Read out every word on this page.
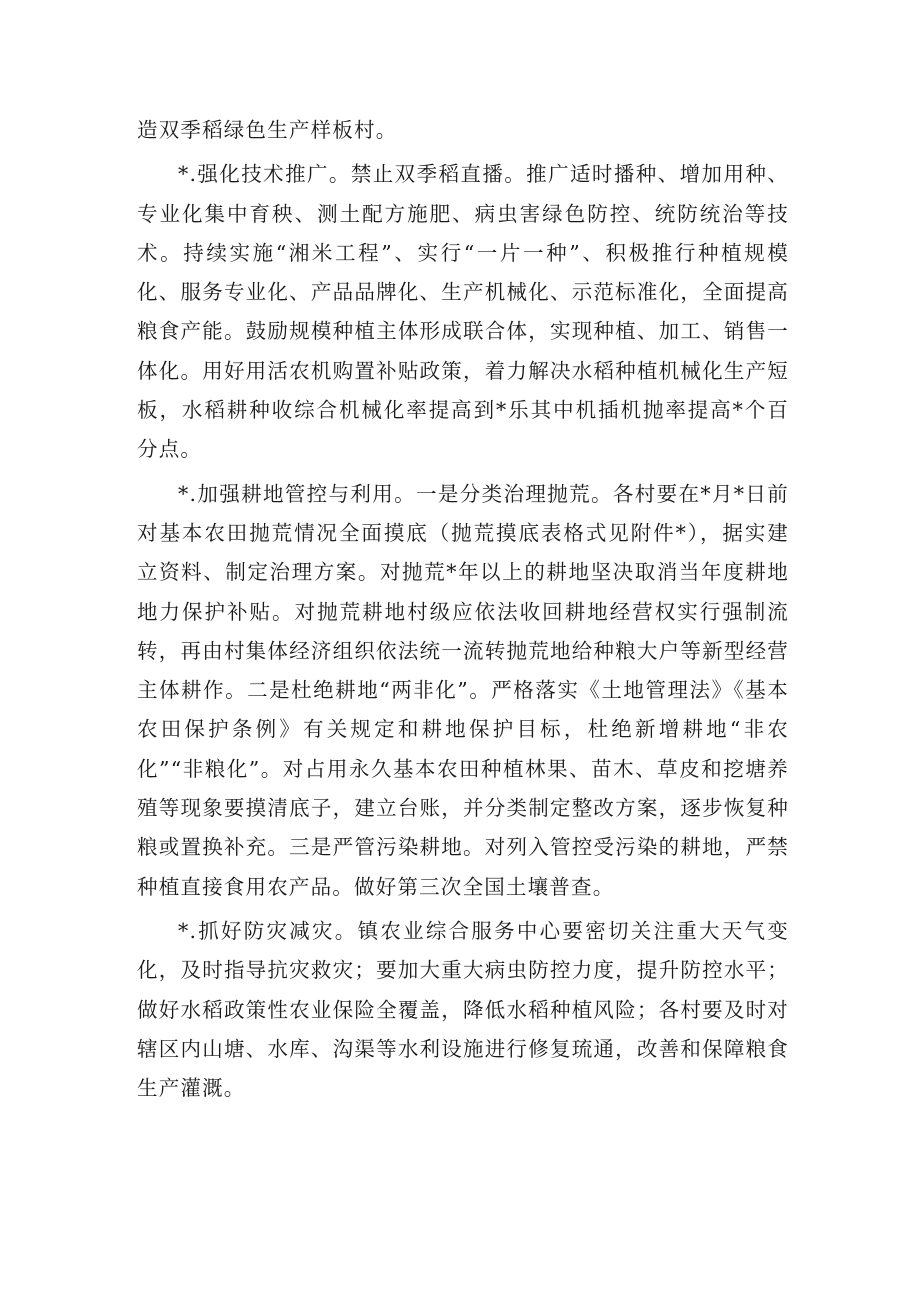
造双季稻绿色生产样板村。

*.强化技术推广。禁止双季稻直播。推广适时播种、增加用种、专业化集中育秧、测土配方施肥、病虫害绿色防控、统防统治等技术。持续实施“湘米工程”、实行“一片一种”、积极推行种植规模化、服务专业化、产品品牌化、生产机械化、示范标准化，全面提高粮食产能。鼓励规模种植主体形成联合体，实现种植、加工、销售一体化。用好用活农机购置补贴政策，着力解决水稻种植机械化生产短板，水稻耕种收综合机械化率提高到*乐其中机插机抛率提高*个百分点。

*.加强耕地管控与利用。一是分类治理抛荒。各村要在*月*日前对基本农田抛荒情况全面摸底（抛荒摸底表格式见附件*），据实建立资料、制定治理方案。对抛荒*年以上的耕地坚决取消当年度耕地地力保护补贴。对抛荒耕地村级应依法收回耕地经营权实行强制流转，再由村集体经济组织依法统一流转抛荒地给种粮大户等新型经营主体耕作。二是杜绝耕地“两非化”。严格落实《土地管理法》《基本农田保护条例》有关规定和耕地保护目标，杜绝新增耕地“非农化”“非粮化”。对占用永久基本农田种植林果、苗木、草皮和挖塘养殖等现象要摸清底子，建立台账，并分类制定整改方案，逐步恢复种粮或置换补充。三是严管污染耕地。对列入管控受污染的耕地，严禁种植直接食用农产品。做好第三次全国土壤普查。

*.抓好防灾减灾。镇农业综合服务中心要密切关注重大天气变化，及时指导抗灾救灾；要加大重大病虫防控力度，提升防控水平；做好水稻政策性农业保险全覆盖，降低水稻种植风险；各村要及时对辖区内山塘、水库、沟渠等水利设施进行修复琉通，改善和保障粮食生产灌溉。
